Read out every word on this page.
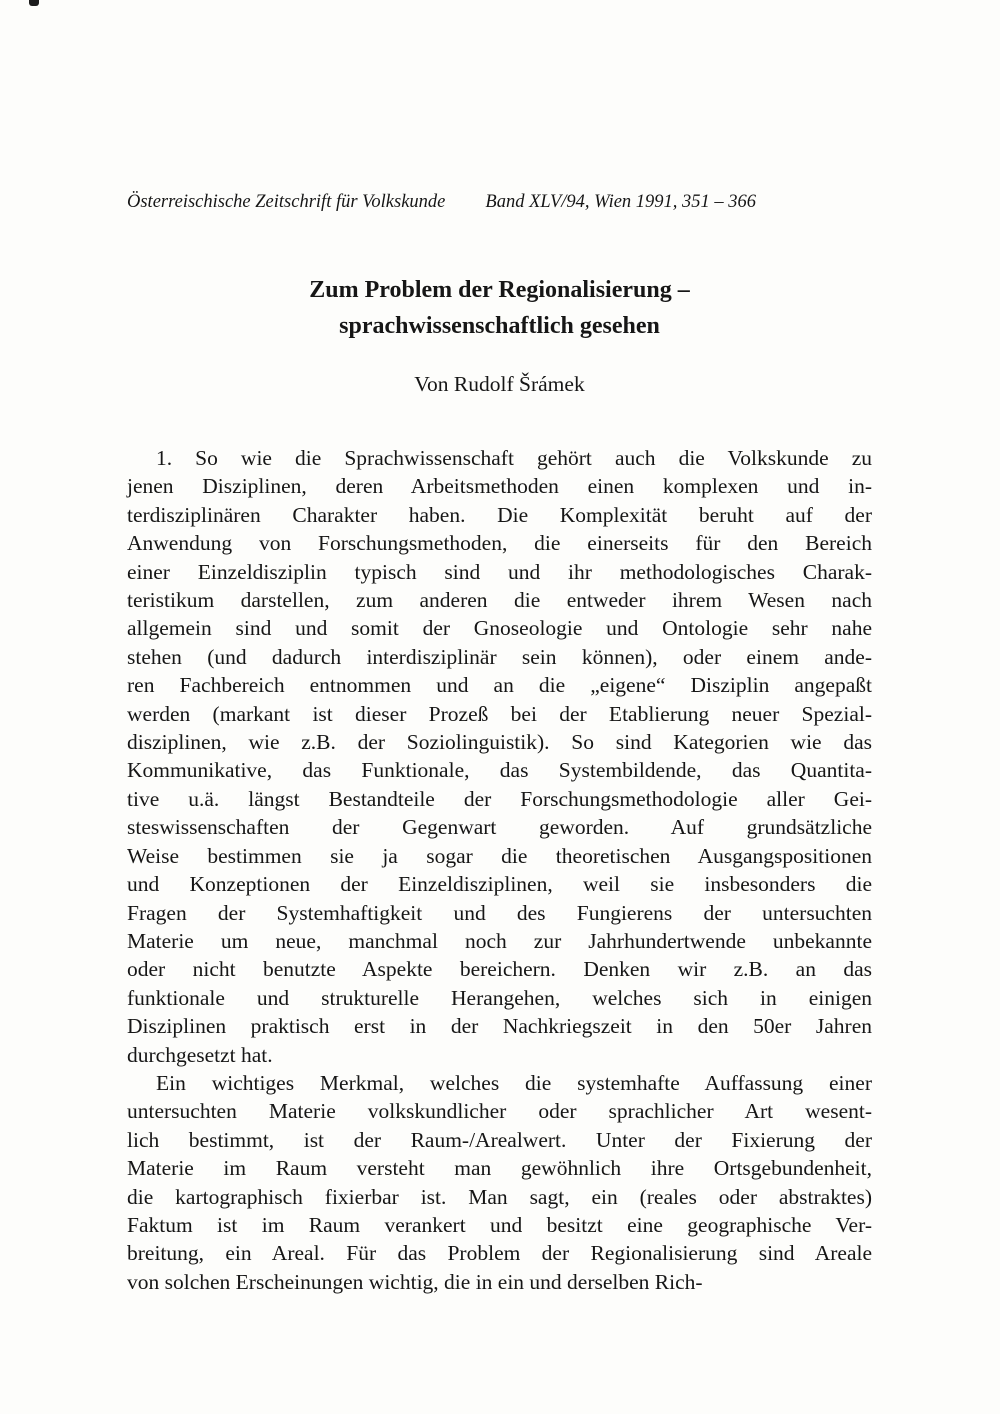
Österreischische Zeitschrift für Volkskunde Band XLV/94, Wien 1991, 351 – 366
Zum Problem der Regionalisierung –
sprachwissenschaftlich gesehen
Von Rudolf Šrámek
1. So wie die Sprachwissenschaft gehört auch die Volkskunde zu
jenen Disziplinen, deren Arbeitsmethoden einen komplexen und in-
terdisziplinären Charakter haben. Die Komplexität beruht auf der
Anwendung von Forschungsmethoden, die einerseits für den Bereich
einer Einzeldisziplin typisch sind und ihr methodologisches Charak-
teristikum darstellen, zum anderen die entweder ihrem Wesen nach
allgemein sind und somit der Gnoseologie und Ontologie sehr nahe
stehen (und dadurch interdisziplinär sein können), oder einem ande-
ren Fachbereich entnommen und an die „eigene“ Disziplin angepaßt
werden (markant ist dieser Prozeß bei der Etablierung neuer Spezial-
disziplinen, wie z.B. der Soziolinguistik). So sind Kategorien wie das
Kommunikative, das Funktionale, das Systembildende, das Quantita-
tive u.ä. längst Bestandteile der Forschungsmethodologie aller Gei-
steswissenschaften der Gegenwart geworden. Auf grundsätzliche
Weise bestimmen sie ja sogar die theoretischen Ausgangspositionen
und Konzeptionen der Einzeldisziplinen, weil sie insbesonders die
Fragen der Systemhaftigkeit und des Fungierens der untersuchten
Materie um neue, manchmal noch zur Jahrhundertwende unbekannte
oder nicht benutzte Aspekte bereichern. Denken wir z.B. an das
funktionale und strukturelle Herangehen, welches sich in einigen
Disziplinen praktisch erst in der Nachkriegszeit in den 50er Jahren
durchgesetzt hat.
Ein wichtiges Merkmal, welches die systemhafte Auffassung einer
untersuchten Materie volkskundlicher oder sprachlicher Art wesent-
lich bestimmt, ist der Raum-/Arealwert. Unter der Fixierung der
Materie im Raum versteht man gewöhnlich ihre Ortsgebundenheit,
die kartographisch fixierbar ist. Man sagt, ein (reales oder abstraktes)
Faktum ist im Raum verankert und besitzt eine geographische Ver-
breitung, ein Areal. Für das Problem der Regionalisierung sind Areale
von solchen Erscheinungen wichtig, die in ein und derselben Rich-
